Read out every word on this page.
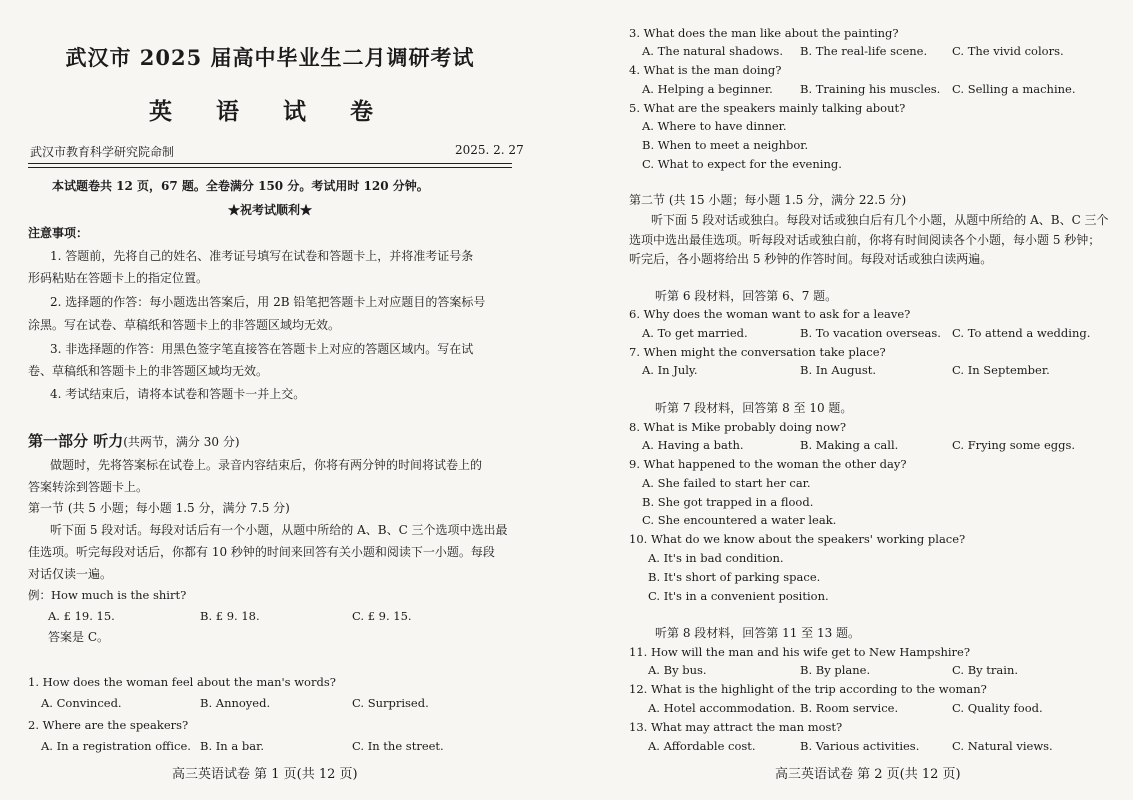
武汉市 2025 届高中毕业生二月调研考试
英 语 试 卷
武汉市教育科学研究院命制	2025. 2. 27
本试题卷共 12 页，67 题。全卷满分 150 分。考试用时 120 分钟。
★祝考试顺利★
注意事项：
1. 答题前，先将自己的姓名、准考证号填写在试卷和答题卡上，并将准考证号条
形码粘贴在答题卡上的指定位置。
2. 选择题的作答：每小题选出答案后，用 2B 铅笔把答题卡上对应题目的答案标号
涂黑。写在试卷、草稿纸和答题卡上的非答题区域均无效。
3. 非选择题的作答：用黑色签字笔直接答在答题卡上对应的答题区域内。写在试
卷、草稿纸和答题卡上的非答题区域均无效。
4. 考试结束后，请将本试卷和答题卡一并上交。
第一部分 听力(共两节，满分 30 分)
做题时，先将答案标在试卷上。录音内容结束后，你将有两分钟的时间将试卷上的
答案转涂到答题卡上。
第一节 (共 5 小题；每小题 1.5 分，满分 7.5 分)
听下面 5 段对话。每段对话后有一个小题，从题中所给的 A、B、C 三个选项中选出最
佳选项。听完每段对话后，你都有 10 秒钟的时间来回答有关小题和阅读下一小题。每段
对话仅读一遍。
例：How much is the shirt?
A. £ 19. 15.	B. £ 9. 18.	C. £ 9. 15.
答案是 C。
1. How does the woman feel about the man's words?
A. Convinced.	B. Annoyed.	C. Surprised.
2. Where are the speakers?
A. In a registration office. B. In a bar.	C. In the street.
高三英语试卷 第 1 页(共 12 页)
3. What does the man like about the painting?
A. The natural shadows. B. The real-life scene. C. The vivid colors.
4. What is the man doing?
A. Helping a beginner. B. Training his muscles. C. Selling a machine.
5. What are the speakers mainly talking about?
A. Where to have dinner.
B. When to meet a neighbor.
C. What to expect for the evening.
第二节 (共 15 小题；每小题 1.5 分，满分 22.5 分)
听下面 5 段对话或独白。每段对话或独白后有几个小题，从题中所给的 A、B、C 三个
选项中选出最佳选项。听每段对话或独白前，你将有时间阅读各个小题，每小题 5 秒钟；
听完后，各小题将给出 5 秒钟的作答时间。每段对话或独白读两遍。
听第 6 段材料，回答第 6、7 题。
6. Why does the woman want to ask for a leave?
A. To get married.	B. To vacation overseas. C. To attend a wedding.
7. When might the conversation take place?
A. In July.	B. In August.	C. In September.
听第 7 段材料，回答第 8 至 10 题。
8. What is Mike probably doing now?
A. Having a bath.	B. Making a call.	C. Frying some eggs.
9. What happened to the woman the other day?
A. She failed to start her car.
B. She got trapped in a flood.
C. She encountered a water leak.
10. What do we know about the speakers' working place?
A. It's in bad condition.
B. It's short of parking space.
C. It's in a convenient position.
听第 8 段材料，回答第 11 至 13 题。
11. How will the man and his wife get to New Hampshire?
A. By bus.	B. By plane.	C. By train.
12. What is the highlight of the trip according to the woman?
A. Hotel accommodation. B. Room service.	C. Quality food.
13. What may attract the man most?
A. Affordable cost.	B. Various activities.	C. Natural views.
高三英语试卷 第 2 页(共 12 页)
